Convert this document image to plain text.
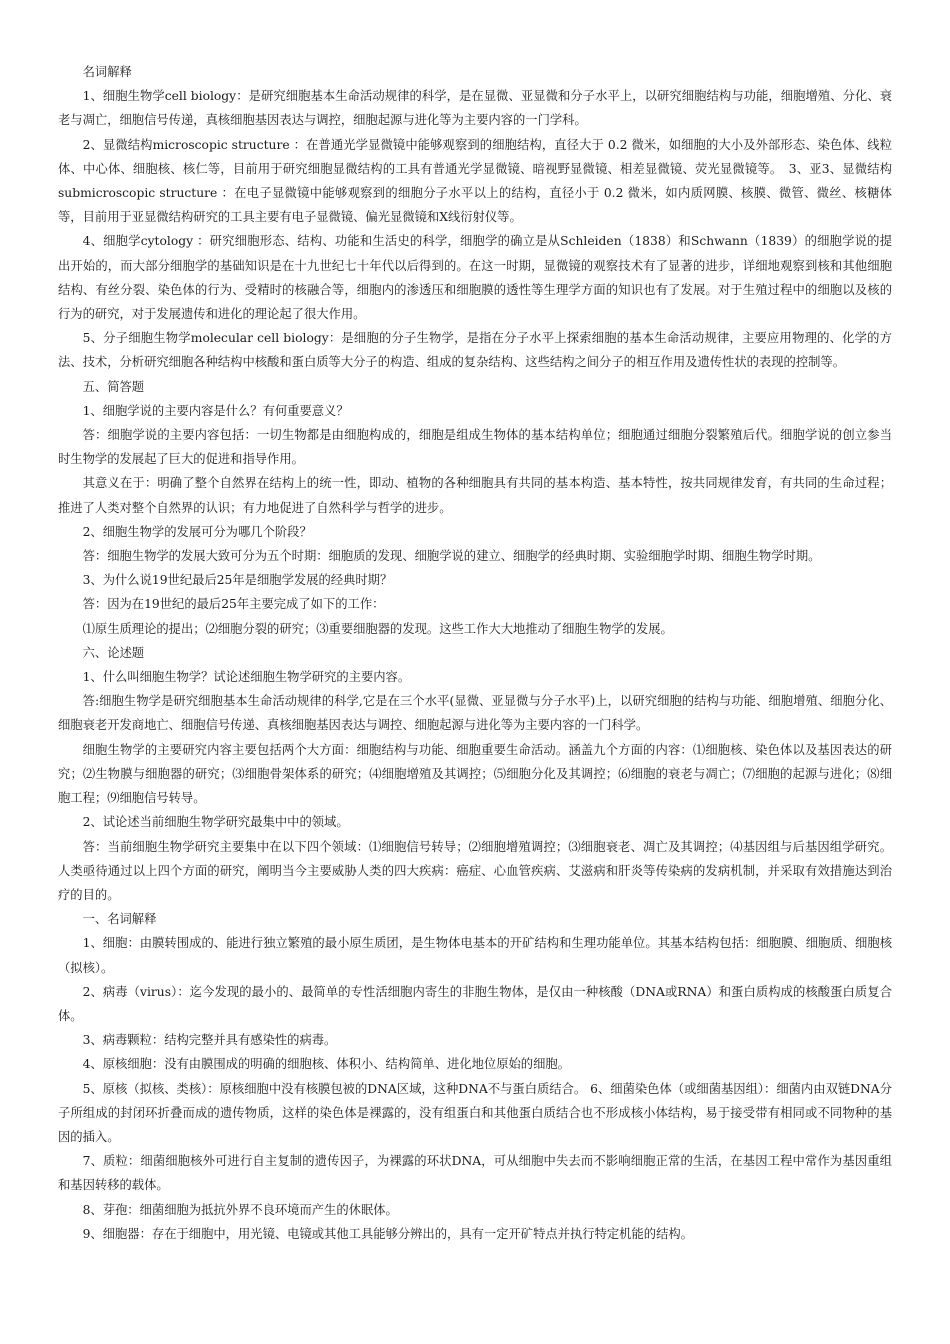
名词解释

1、细胞生物学cell biology：是研究细胞基本生命活动规律的科学，是在显微、亚显微和分子水平上，以研究细胞结构与功能，细胞增殖、分化、衰老与凋亡，细胞信号传递，真核细胞基因表达与调控，细胞起源与进化等为主要内容的一门学科。

2、显微结构microscopic structure ：在普通光学显微镜中能够观察到的细胞结构，直径大于 0.2 微米，如细胞的大小及外部形态、染色体、线粒体、中心体、细胞核、核仁等，目前用于研究细胞显微结构的工具有普通光学显微镜、暗视野显微镜、相差显微镜、荧光显微镜等。　3、亚3、显微结构submicroscopic structure ：在电子显微镜中能够观察到的细胞分子水平以上的结构，直径小于 0.2 微米，如内质网膜、核膜、微管、微丝、核糖体等，目前用于亚显微结构研究的工具主要有电子显微镜、偏光显微镜和X线衍射仪等。

4、细胞学cytology ：研究细胞形态、结构、功能和生活史的科学，细胞学的确立是从Schleiden（1838）和Schwann（1839）的细胞学说的提出开始的，而大部分细胞学的基础知识是在十九世纪七十年代以后得到的。在这一时期，显微镜的观察技术有了显著的进步，详细地观察到核和其他细胞结构、有丝分裂、染色体的行为、受精时的核融合等，细胞内的渗透压和细胞膜的透性等生理学方面的知识也有了发展。对于生殖过程中的细胞以及核的行为的研究，对于发展遗传和进化的理论起了很大作用。

5、分子细胞生物学molecular cell biology：是细胞的分子生物学，是指在分子水平上探索细胞的基本生命活动规律，主要应用物理的、化学的方法、技术，分析研究细胞各种结构中核酸和蛋白质等大分子的构造、组成的复杂结构、这些结构之间分子的相互作用及遗传性状的表现的控制等。

五、简答题

1、细胞学说的主要内容是什么？有何重要意义？

答：细胞学说的主要内容包括：一切生物都是由细胞构成的，细胞是组成生物体的基本结构单位；细胞通过细胞分裂繁殖后代。细胞学说的创立参当时生物学的发展起了巨大的促进和指导作用。

其意义在于：明确了整个自然界在结构上的统一性，即动、植物的各种细胞具有共同的基本构造、基本特性，按共同规律发育，有共同的生命过程；推进了人类对整个自然界的认识；有力地促进了自然科学与哲学的进步。

2、细胞生物学的发展可分为哪几个阶段？

答：细胞生物学的发展大致可分为五个时期：细胞质的发现、细胞学说的建立、细胞学的经典时期、实验细胞学时期、细胞生物学时期。

3、为什么说19世纪最后25年是细胞学发展的经典时期？

答：因为在19世纪的最后25年主要完成了如下的工作：

⑴原生质理论的提出；⑵细胞分裂的研究；⑶重要细胞器的发现。这些工作大大地推动了细胞生物学的发展。

六、论述题

1、什么叫细胞生物学？试论述细胞生物学研究的主要内容。

答:细胞生物学是研究细胞基本生命活动规律的科学,它是在三个水平(显微、亚显微与分子水平)上，以研究细胞的结构与功能、细胞增殖、细胞分化、细胞衰老开发商地亡、细胞信号传递、真核细胞基因表达与调控、细胞起源与进化等为主要内容的一门科学。

细胞生物学的主要研究内容主要包括两个大方面：细胞结构与功能、细胞重要生命活动。涵盖九个方面的内容：⑴细胞核、染色体以及基因表达的研究；⑵生物膜与细胞器的研究；⑶细胞骨架体系的研究；⑷细胞增殖及其调控；⑸细胞分化及其调控；⑹细胞的衰老与凋亡；⑺细胞的起源与进化；⑻细胞工程；⑼细胞信号转导。

2、试论述当前细胞生物学研究最集中中的领域。

答：当前细胞生物学研究主要集中在以下四个领域：⑴细胞信号转导；⑵细胞增殖调控；⑶细胞衰老、凋亡及其调控；⑷基因组与后基因组学研究。人类亟待通过以上四个方面的研究，阐明当今主要威胁人类的四大疾病：癌症、心血管疾病、艾滋病和肝炎等传染病的发病机制，并采取有效措施达到治疗的目的。

一、名词解释

1、细胞：由膜转围成的、能进行独立繁殖的最小原生质团，是生物体电基本的开矿结构和生理功能单位。其基本结构包括：细胞膜、细胞质、细胞核（拟核）。

2、病毒（virus）：迄今发现的最小的、最简单的专性活细胞内寄生的非胞生物体，是仅由一种核酸（DNA或RNA）和蛋白质构成的核酸蛋白质复合体。

3、病毒颗粒：结构完整并具有感染性的病毒。

4、原核细胞：没有由膜围成的明确的细胞核、体积小、结构简单、进化地位原始的细胞。

5、原核（拟核、类核）：原核细胞中没有核膜包被的DNA区域，这种DNA不与蛋白质结合。 6、细菌染色体（或细菌基因组）：细菌内由双链DNA分子所组成的封闭环折叠而成的遗传物质，这样的染色体是裸露的，没有组蛋白和其他蛋白质结合也不形成核小体结构，易于接受带有相同或不同物种的基因的插入。

7、质粒：细菌细胞核外可进行自主复制的遗传因子，为裸露的环状DNA，可从细胞中失去而不影响细胞正常的生活，在基因工程中常作为基因重组和基因转移的载体。

8、芽孢：细菌细胞为抵抗外界不良环境而产生的休眠体。

9、细胞器：存在于细胞中，用光镜、电镜或其他工具能够分辨出的，具有一定开矿特点并执行特定机能的结构。
